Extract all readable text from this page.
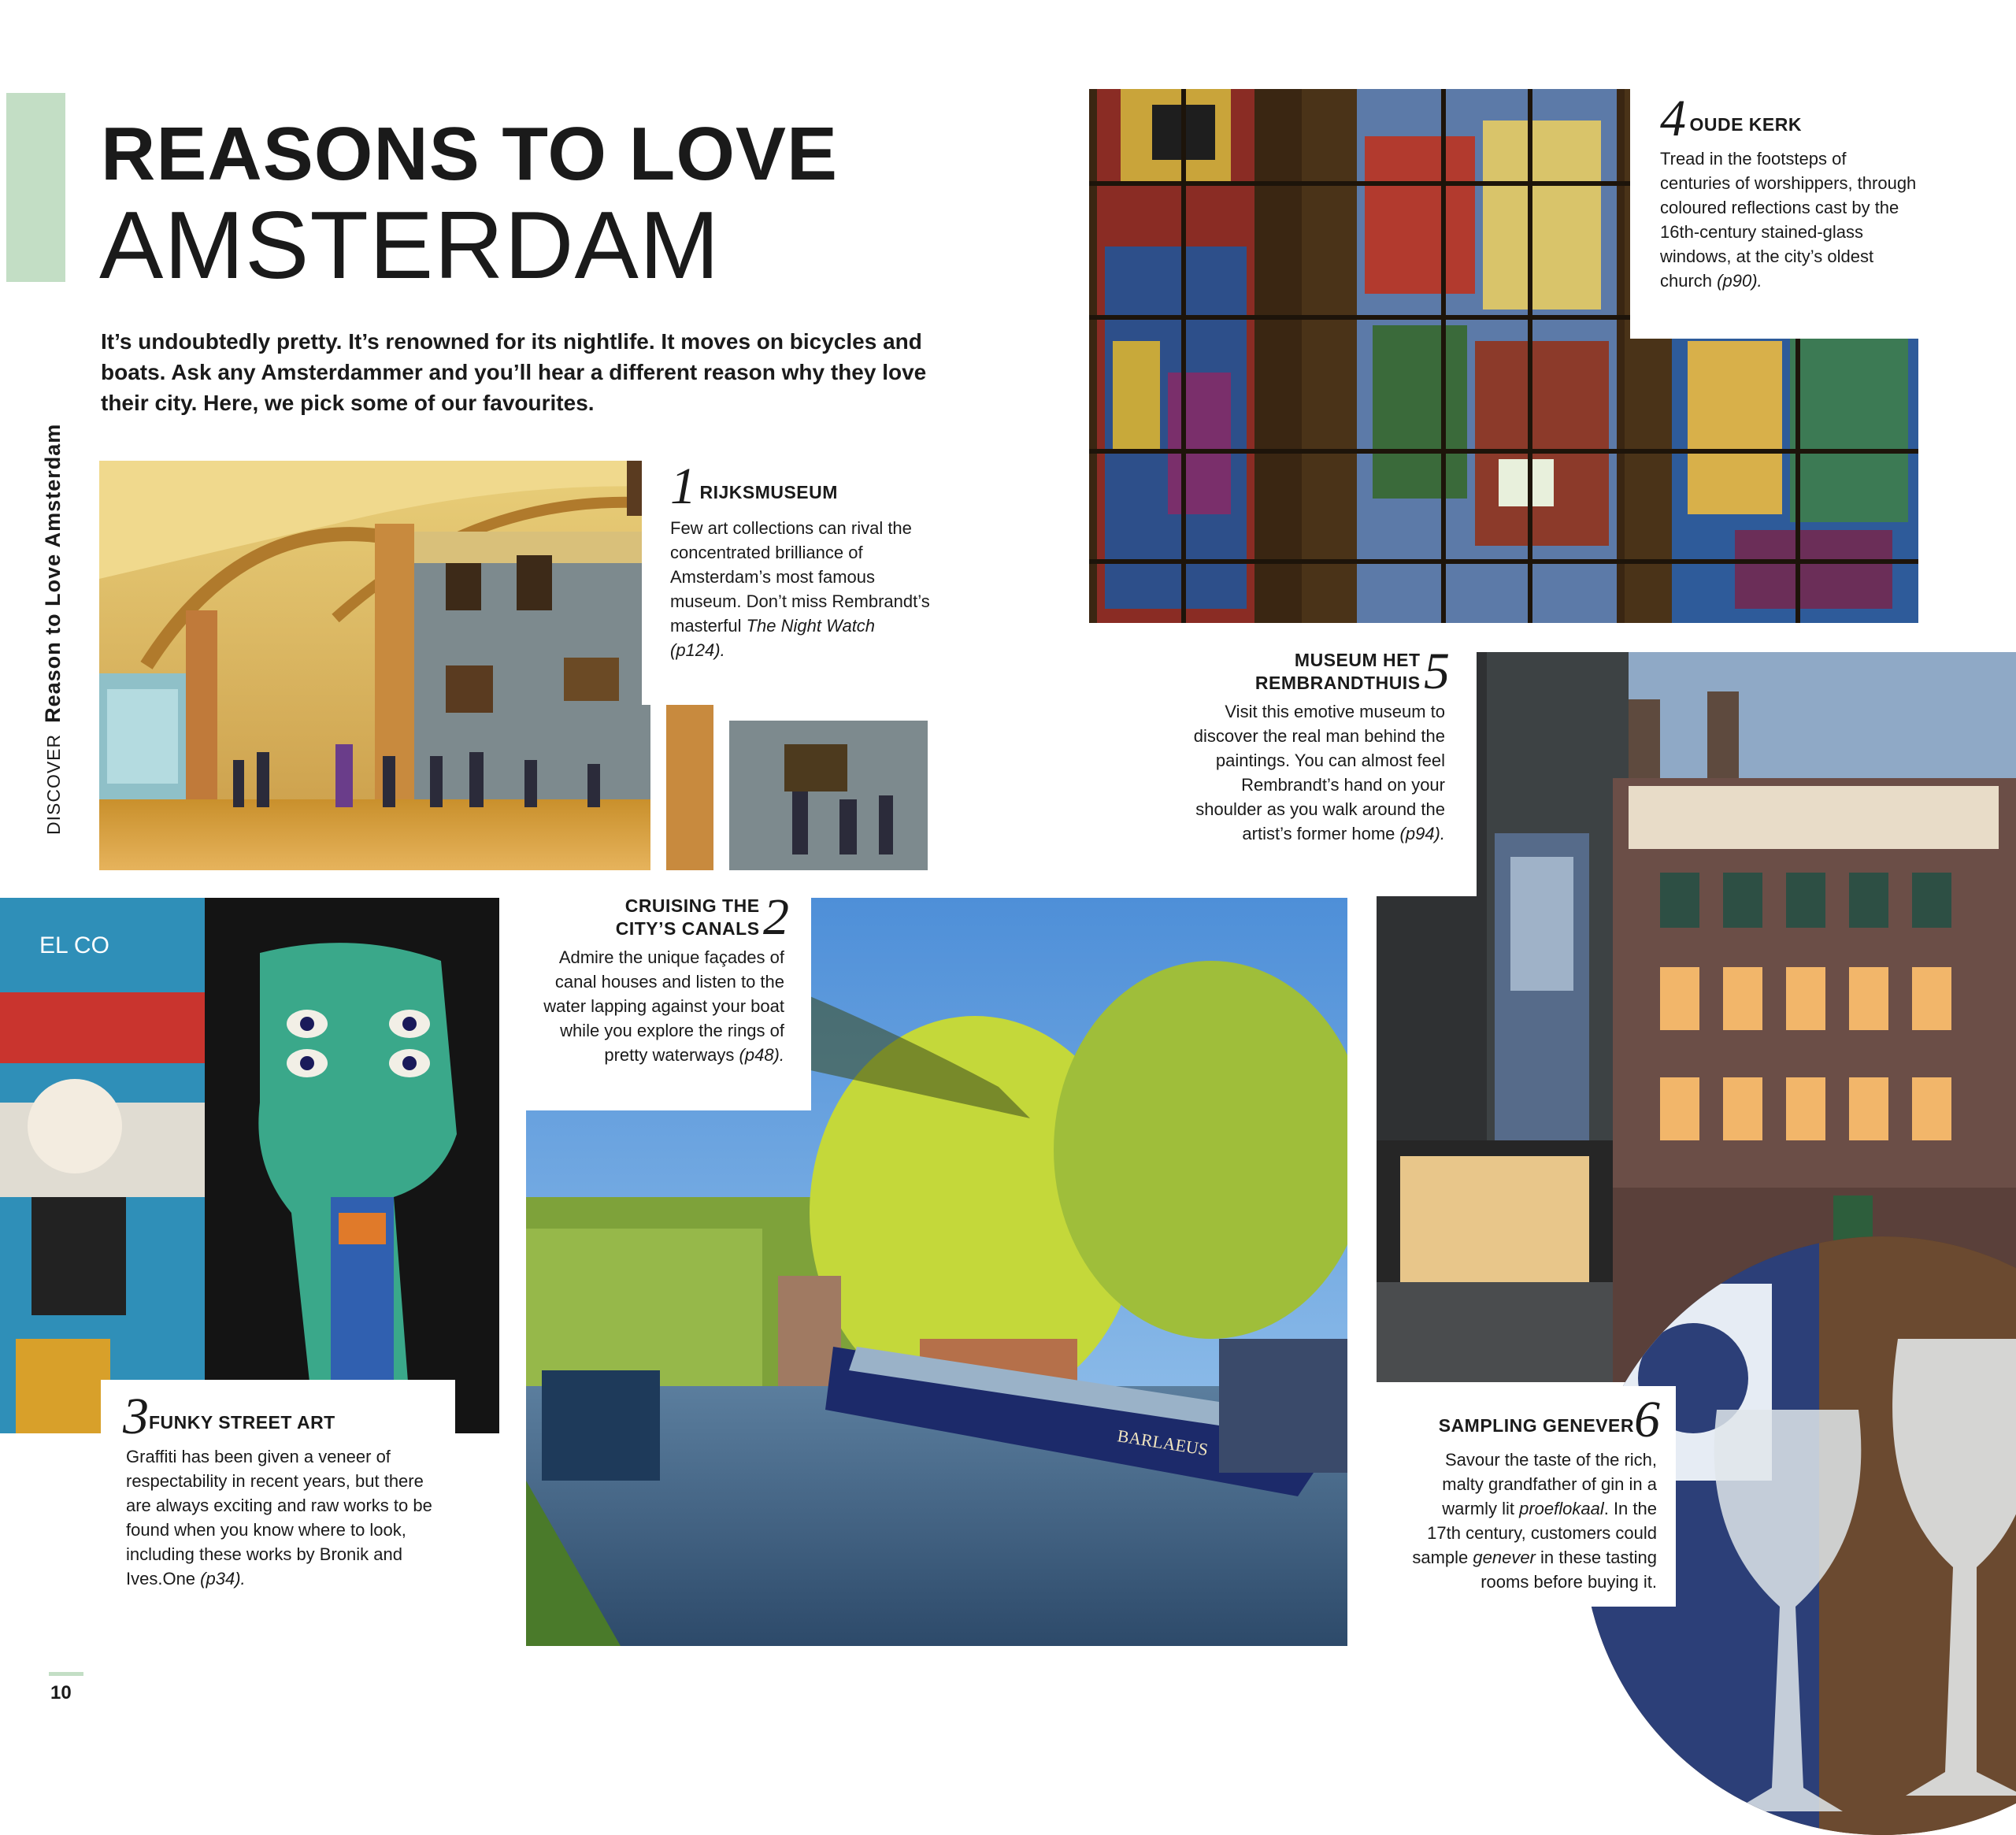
DISCOVERReason to Love Amsterdam
REASONS TO LOVE
AMSTERDAM
It’s undoubtedly pretty. It’s renowned for its nightlife. It moves on bicycles and boats. Ask any Amsterdammer and you’ll hear a different reason why they love their city. Here, we pick some of our favourites.
1 RIJKSMUSEUM
Few art collections can rival the concentrated brilliance of Amsterdam’s most famous museum. Don’t miss Rembrandt’s masterful The Night Watch (p124).
4 OUDE KERK
Tread in the footsteps of centuries of worshippers, through coloured reflections cast by the 16th-century stained-glass windows, at the city’s oldest church (p90).
MUSEUM HET
REMBRANDTHUIS 5
Visit this emotive museum to discover the real man behind the paintings. You can almost feel Rembrandt’s hand on your shoulder as you walk around the artist’s former home (p94).
EL CO
3FUNKY STREET ART
Graffiti has been given a veneer of respectability in recent years, but there are always exciting and raw works to be found when you know where to look, including these works by Bronik and Ives.One (p34).
BARLAEUS
CRUISING THE
CITY’S CANALS 2
Admire the unique façades of canal houses and listen to the water lapping against your boat while you explore the rings of pretty waterways (p48).
SAMPLING GENEVER6
Savour the taste of the rich, malty grandfather of gin in a warmly lit proeflokaal. In the 17th century, customers could sample genever in these tasting rooms before buying it.
10
